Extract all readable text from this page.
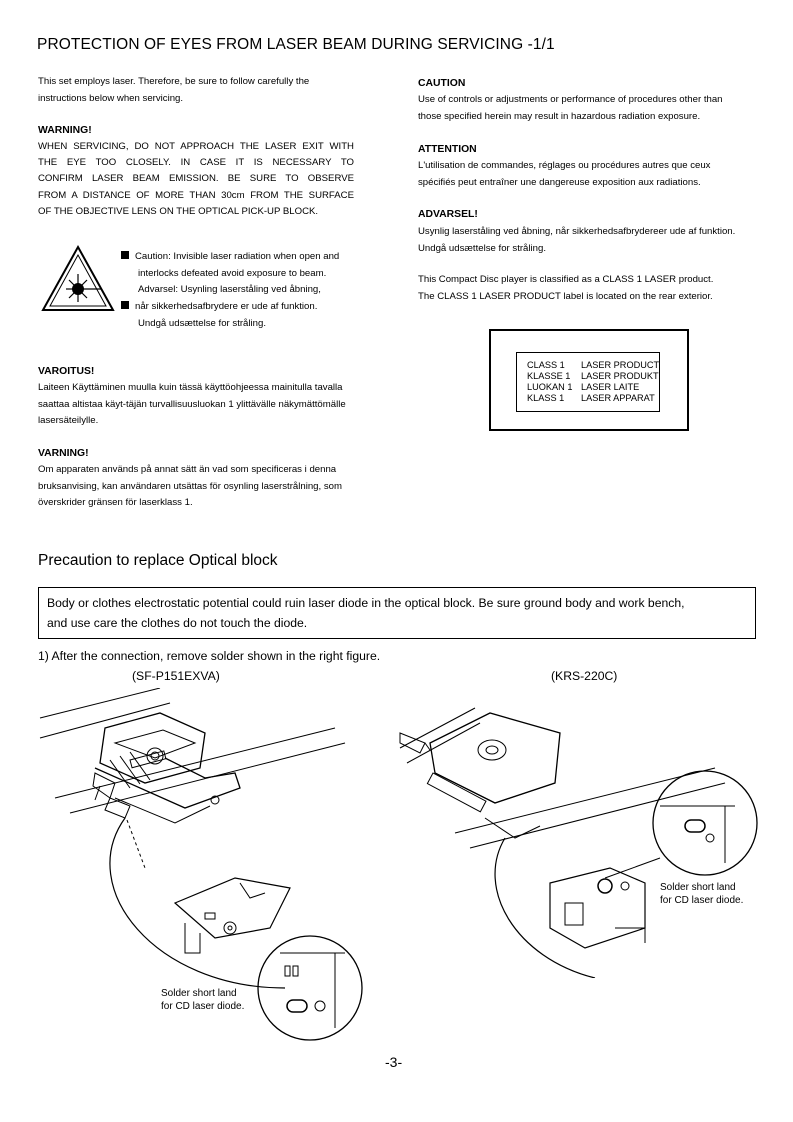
PROTECTION OF EYES FROM LASER BEAM DURING SERVICING -1/1
This set employs laser. Therefore, be sure to follow carefully the
instructions below when servicing.
WARNING!
WHEN SERVICING, DO NOT APPROACH THE LASER EXIT WITH
THE EYE TOO CLOSELY. IN CASE IT IS NECESSARY TO
CONFIRM LASER BEAM EMISSION. BE SURE TO OBSERVE
FROM A DISTANCE OF MORE THAN 30cm FROM THE SURFACE
OF THE OBJECTIVE LENS ON THE OPTICAL PICK-UP BLOCK.
Caution: Invisible laser radiation when open and
interlocks defeated avoid exposure to beam.
Advarsel: Usynling laserståling ved åbning,
når sikkerhedsafbrydere er ude af funktion.
Undgå udsættelse for stråling.
VAROITUS!
Laiteen Käyttäminen muulla kuin tässä käyttöohjeessa mainitulla tavalla
saattaa altistaa käyt-täjän turvallisuusluokan 1 ylittävälle näkymättömälle
lasersäteilylle.
VARNING!
Om apparaten används på annat sätt än vad som specificeras i denna
bruksanvising, kan användaren utsättas för osynling laserstrålning, som
överskrider gränsen för laserklass 1.
CAUTION
Use of controls or adjustments or performance of procedures other than
those specified herein may result in hazardous radiation exposure.
ATTENTION
L'utilisation de commandes, réglages ou procédures autres que ceux
spécifiés peut entraîner une dangereuse exposition aux radiations.
ADVARSEL!
Usynlig laserståling ved åbning, når sikkerhedsafbrydereer ude af funktion.
Undgå udsættelse for stråling.
This Compact Disc player is classified as a CLASS 1 LASER product.
The CLASS 1 LASER PRODUCT label is located on the rear exterior.
CLASS 1 LASER PRODUCT
KLASSE 1 LASER PRODUKT
LUOKAN 1 LASER LAITE
KLASS 1 LASER APPARAT
Precaution to replace Optical block
Body or clothes electrostatic potential could ruin laser diode in the optical block. Be sure ground body and work bench,
and use care the clothes do not touch the diode.
1) After the connection, remove solder shown in the right figure.
(SF-P151EXVA)	(KRS-220C)
Solder short land
for CD laser diode.
Solder short land
for CD laser diode.
-3-
